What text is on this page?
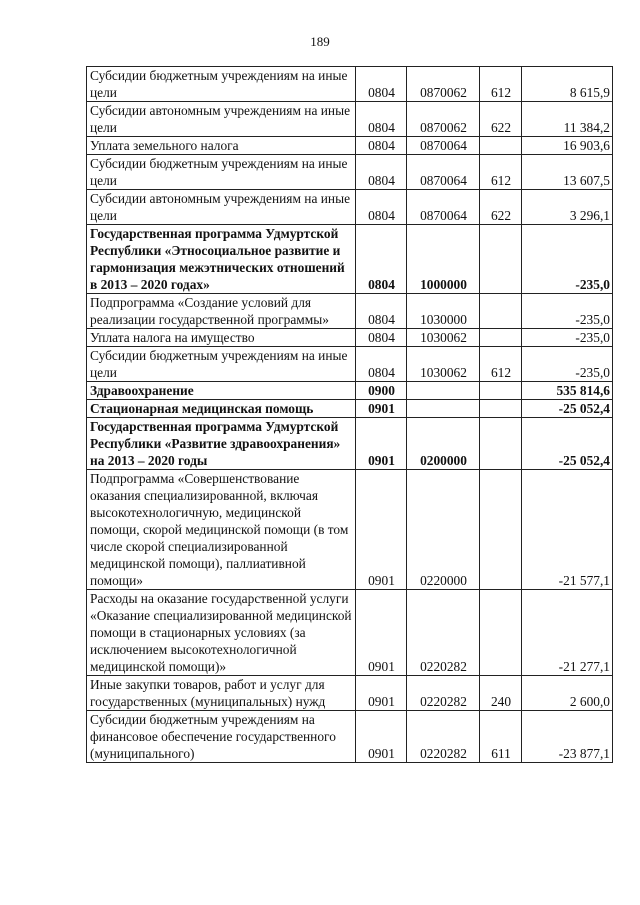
189
Субсидии бюджетным учреждениям на иные цели	0804	0870062	612	8 615,9
Субсидии автономным учреждениям на иные цели	0804	0870062	622	11 384,2
Уплата земельного налога	0804	0870064		16 903,6
Субсидии бюджетным учреждениям на иные цели	0804	0870064	612	13 607,5
Субсидии автономным учреждениям на иные цели	0804	0870064	622	3 296,1
Государственная программа Удмуртской Республики «Этносоциальное развитие и гармонизация межэтнических отношений в 2013 – 2020 годах»	0804	1000000		-235,0
Подпрограмма «Создание условий для реализации государственной программы»	0804	1030000		-235,0
Уплата налога на имущество	0804	1030062		-235,0
Субсидии бюджетным учреждениям на иные цели	0804	1030062	612	-235,0
Здравоохранение	0900			535 814,6
Стационарная медицинская помощь	0901			-25 052,4
Государственная программа Удмуртской Республики «Развитие здравоохранения» на 2013 – 2020 годы	0901	0200000		-25 052,4
Подпрограмма «Совершенствование оказания специализированной, включая высокотехнологичную, медицинской помощи, скорой медицинской помощи (в том числе скорой специализированной медицинской помощи), паллиативной помощи»	0901	0220000		-21 577,1
Расходы на оказание государственной услуги «Оказание специализированной медицинской помощи в стационарных условиях (за исключением высокотехнологичной медицинской помощи)»	0901	0220282		-21 277,1
Иные закупки товаров, работ и услуг для государственных (муниципальных) нужд	0901	0220282	240	2 600,0
Субсидии бюджетным учреждениям на финансовое обеспечение государственного (муниципального)	0901	0220282	611	-23 877,1
